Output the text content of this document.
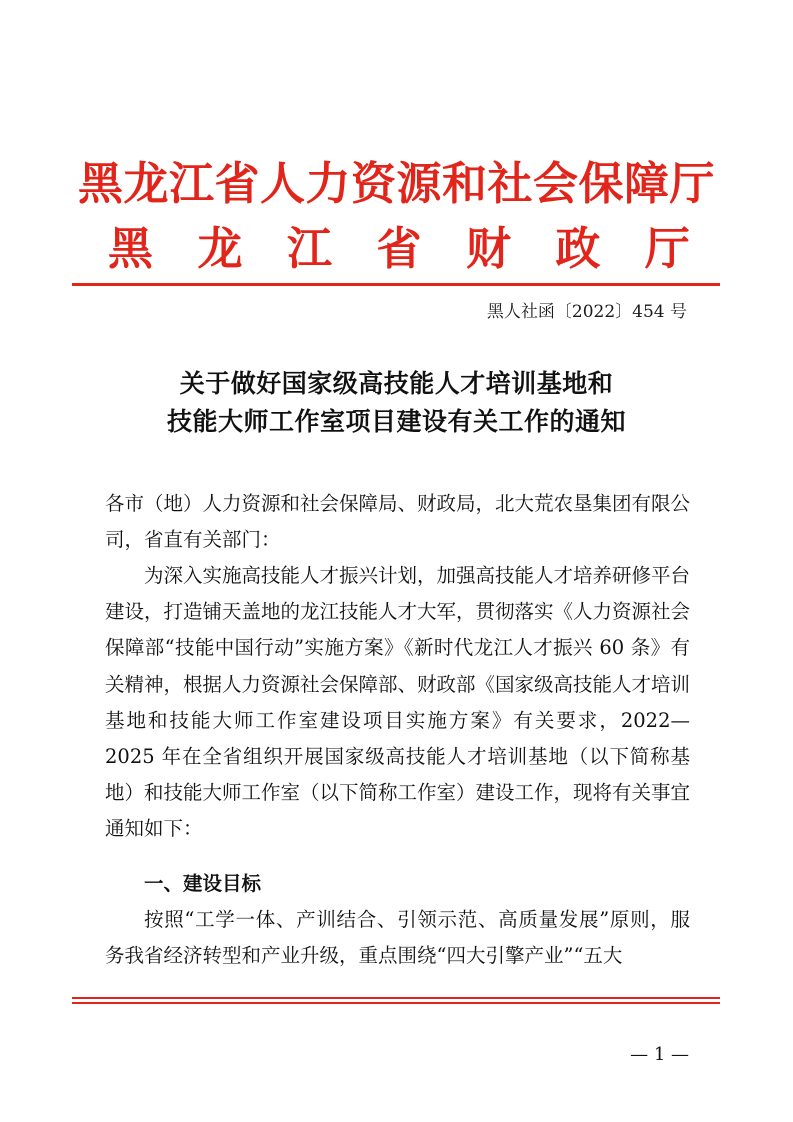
黑龙江省人力资源和社会保障厅
黑 龙 江 省 财 政 厅
黑人社函〔2022〕454 号
关于做好国家级高技能人才培训基地和
技能大师工作室项目建设有关工作的通知
各市（地）人力资源和社会保障局、财政局，北大荒农垦集团有限公司，省直有关部门：
为深入实施高技能人才振兴计划，加强高技能人才培养研修平台建设，打造铺天盖地的龙江技能人才大军，贯彻落实《人力资源社会保障部“技能中国行动”实施方案》《新时代龙江人才振兴 60 条》有关精神，根据人力资源社会保障部、财政部《国家级高技能人才培训基地和技能大师工作室建设项目实施方案》有关要求，2022—2025 年在全省组织开展国家级高技能人才培训基地（以下简称基地）和技能大师工作室（以下简称工作室）建设工作，现将有关事宜通知如下：
一、建设目标
按照“工学一体、产训结合、引领示范、高质量发展”原则，服务我省经济转型和产业升级，重点围绕“四大引擎产业”“五大
— 1 —
